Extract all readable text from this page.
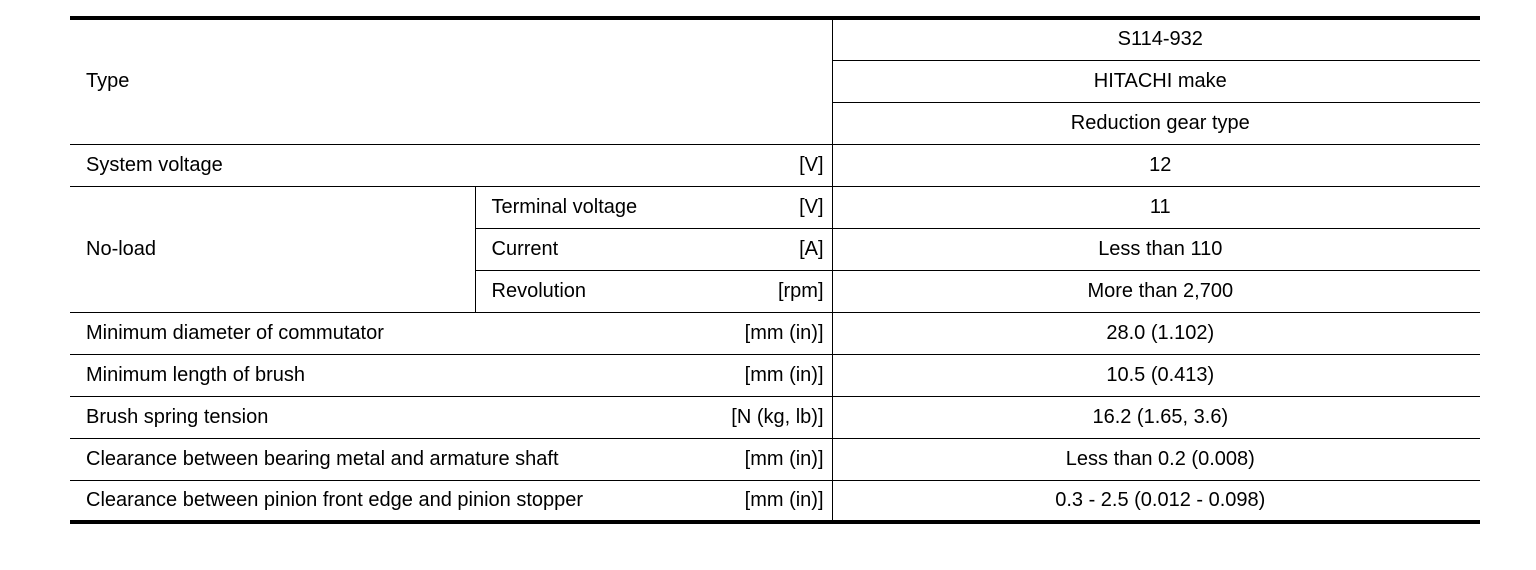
Type			S114-932
			HITACHI make
			Reduction gear type
System voltage		[V]	12
No-load	Terminal voltage	[V]	11
	Current	[A]	Less than 110
	Revolution	[rpm]	More than 2,700
Minimum diameter of commutator		[mm (in)]	28.0 (1.102)
Minimum length of brush		[mm (in)]	10.5 (0.413)
Brush spring tension		[N (kg, lb)]	16.2 (1.65, 3.6)
Clearance between bearing metal and armature shaft		[mm (in)]	Less than 0.2 (0.008)
Clearance between pinion front edge and pinion stopper		[mm (in)]	0.3 - 2.5 (0.012 - 0.098)
